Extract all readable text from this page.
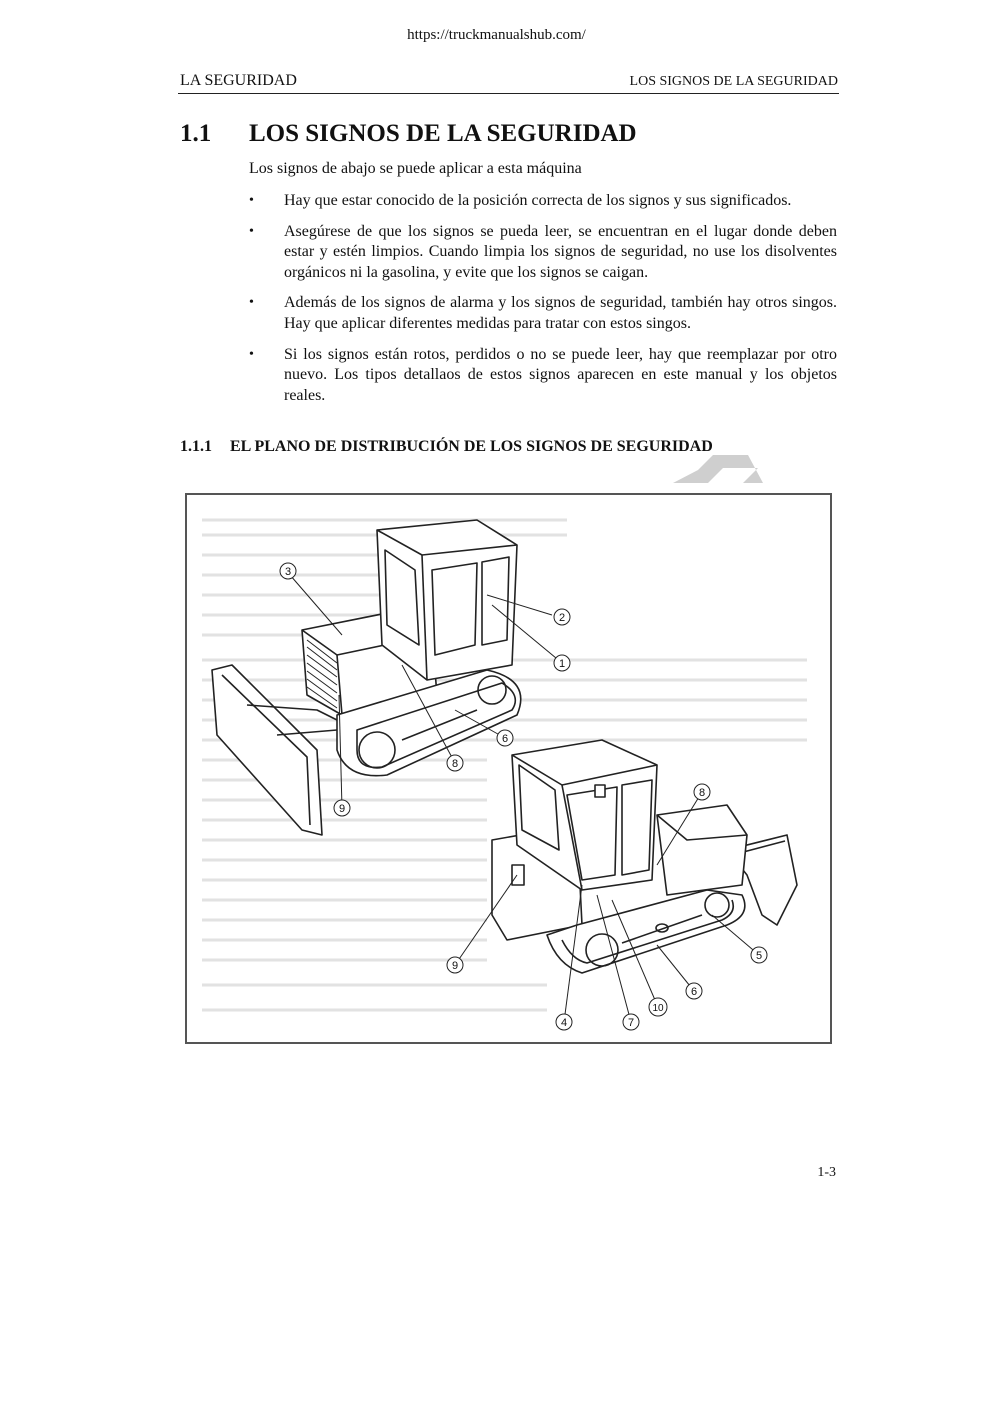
https://truckmanualshub.com/
LA SEGURIDAD	LOS SIGNOS DE LA SEGURIDAD
1.1 LOS SIGNOS DE LA SEGURIDAD
Los signos de abajo se puede aplicar a esta máquina
• Hay que estar conocido de la posición correcta de los signos y sus significados.
• Asegúrese de que los signos se pueda leer, se encuentran en el lugar donde deben estar y estén limpios. Cuando limpia los signos de seguridad, no use los disolventes orgánicos ni la gasolina, y evite que los signos se caigan.
• Además de los signos de alarma y los signos de seguridad, también hay otros singos. Hay que aplicar diferentes medidas para tratar con estos singos.
• Si los signos están rotos, perdidos o no se puede leer, hay que reemplazar por otro nuevo. Los tipos detallaos de estos signos aparecen en este manual y los objetos reales.
1.1.1 EL PLANO DE DISTRIBUCIÓN DE LOS SIGNOS DE SEGURIDAD
1
2
3
6
8
9
4
5
6
7
8
9
10
1-3
